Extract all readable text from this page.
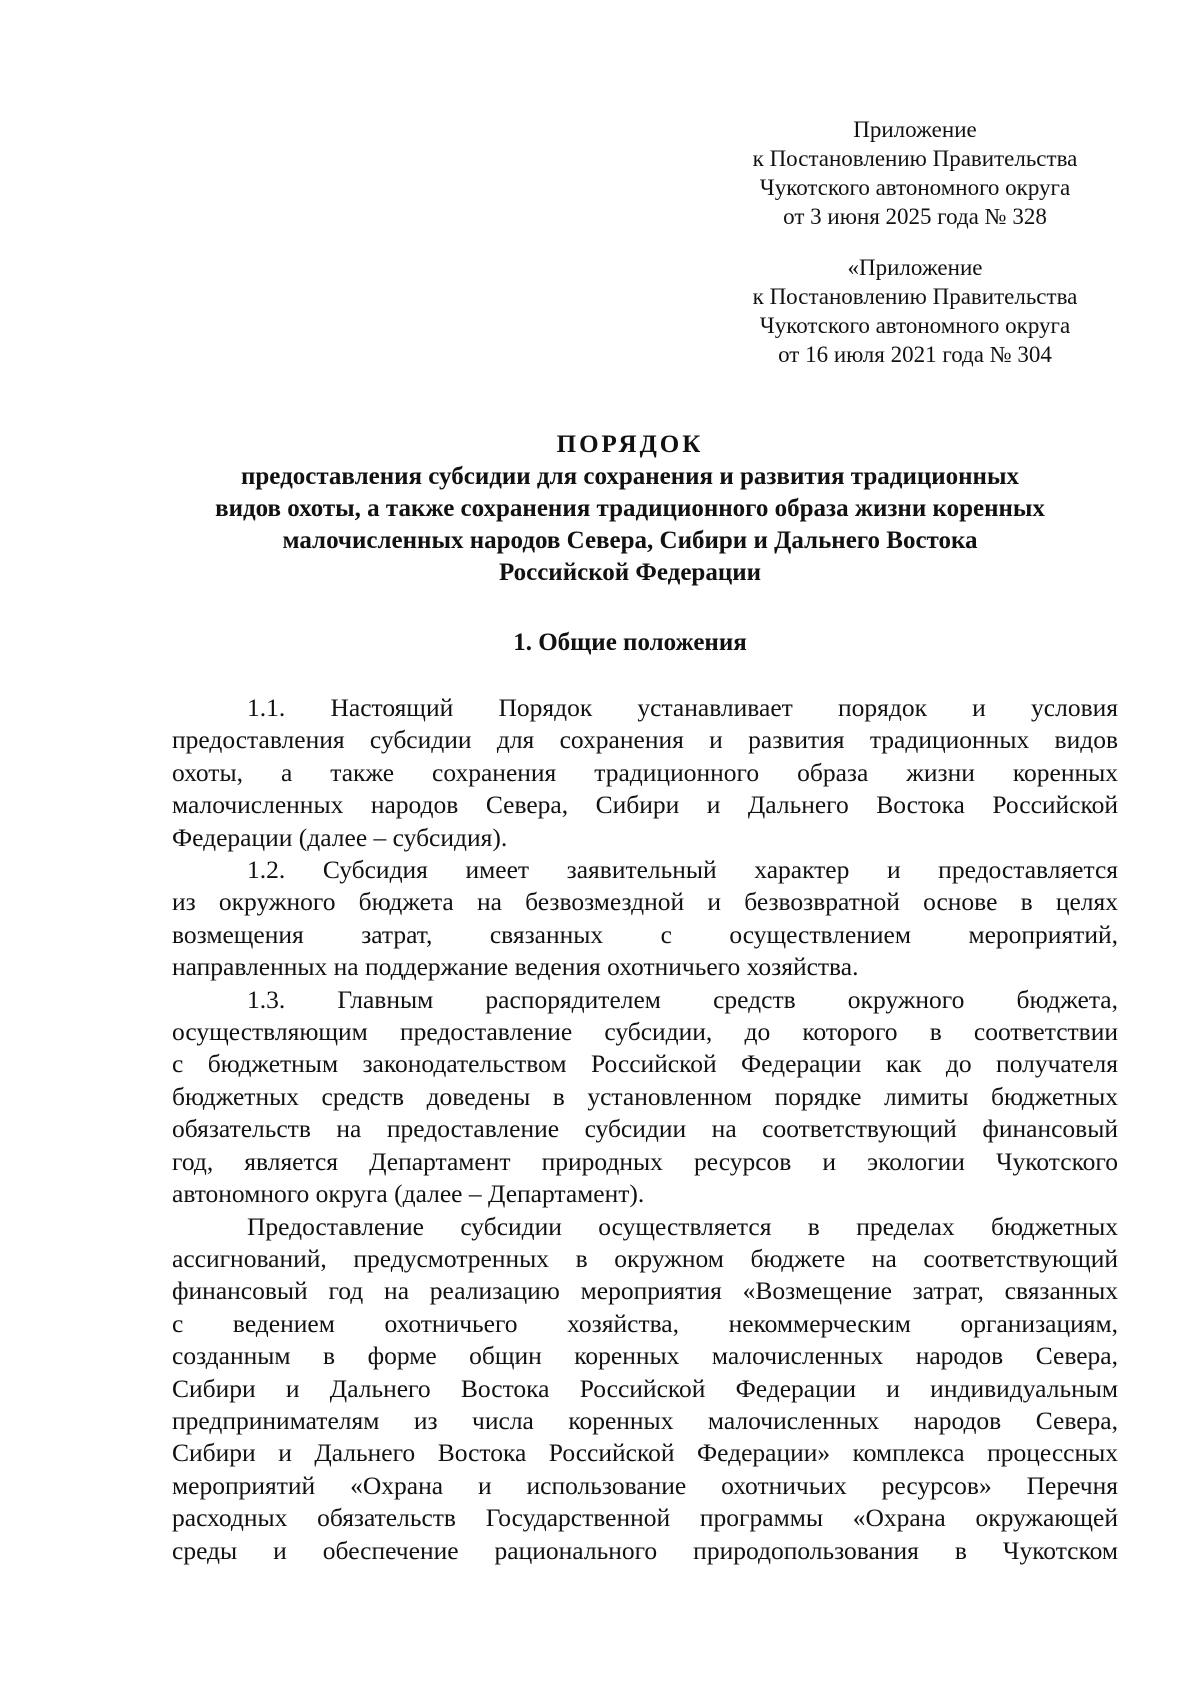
Приложение
к Постановлению Правительства
Чукотского автономного округа
от 3 июня 2025 года № 328
«Приложение
к Постановлению Правительства
Чукотского автономного округа
от 16 июля 2021 года № 304
ПОРЯДОК
предоставления субсидии для сохранения и развития традиционных
видов охоты, а также сохранения традиционного образа жизни коренных
малочисленных народов Севера, Сибири и Дальнего Востока
Российской Федерации
1. Общие положения

1.1. Настоящий Порядок устанавливает порядок и условия
предоставления субсидии для сохранения и развития традиционных видов
охоты, а также сохранения традиционного образа жизни коренных
малочисленных народов Севера, Сибири и Дальнего Востока Российской
Федерации (далее – субсидия).

1.2. Субсидия имеет заявительный характер и предоставляется
из окружного бюджета на безвозмездной и безвозвратной основе в целях
возмещения затрат, связанных с осуществлением мероприятий,
направленных на поддержание ведения охотничьего хозяйства.

1.3. Главным распорядителем средств окружного бюджета,
осуществляющим предоставление субсидии, до которого в соответствии
с бюджетным законодательством Российской Федерации как до получателя
бюджетных средств доведены в установленном порядке лимиты бюджетных
обязательств на предоставление субсидии на соответствующий финансовый
год, является Департамент природных ресурсов и экологии Чукотского
автономного округа (далее – Департамент).

Предоставление субсидии осуществляется в пределах бюджетных
ассигнований, предусмотренных в окружном бюджете на соответствующий
финансовый год на реализацию мероприятия «Возмещение затрат, связанных
с ведением охотничьего хозяйства, некоммерческим организациям,
созданным в форме общин коренных малочисленных народов Севера,
Сибири и Дальнего Востока Российской Федерации и индивидуальным
предпринимателям из числа коренных малочисленных народов Севера,
Сибири и Дальнего Востока Российской Федерации» комплекса процессных
мероприятий «Охрана и использование охотничьих ресурсов» Перечня
расходных обязательств Государственной программы «Охрана окружающей
среды и обеспечение рационального природопользования в Чукотском
